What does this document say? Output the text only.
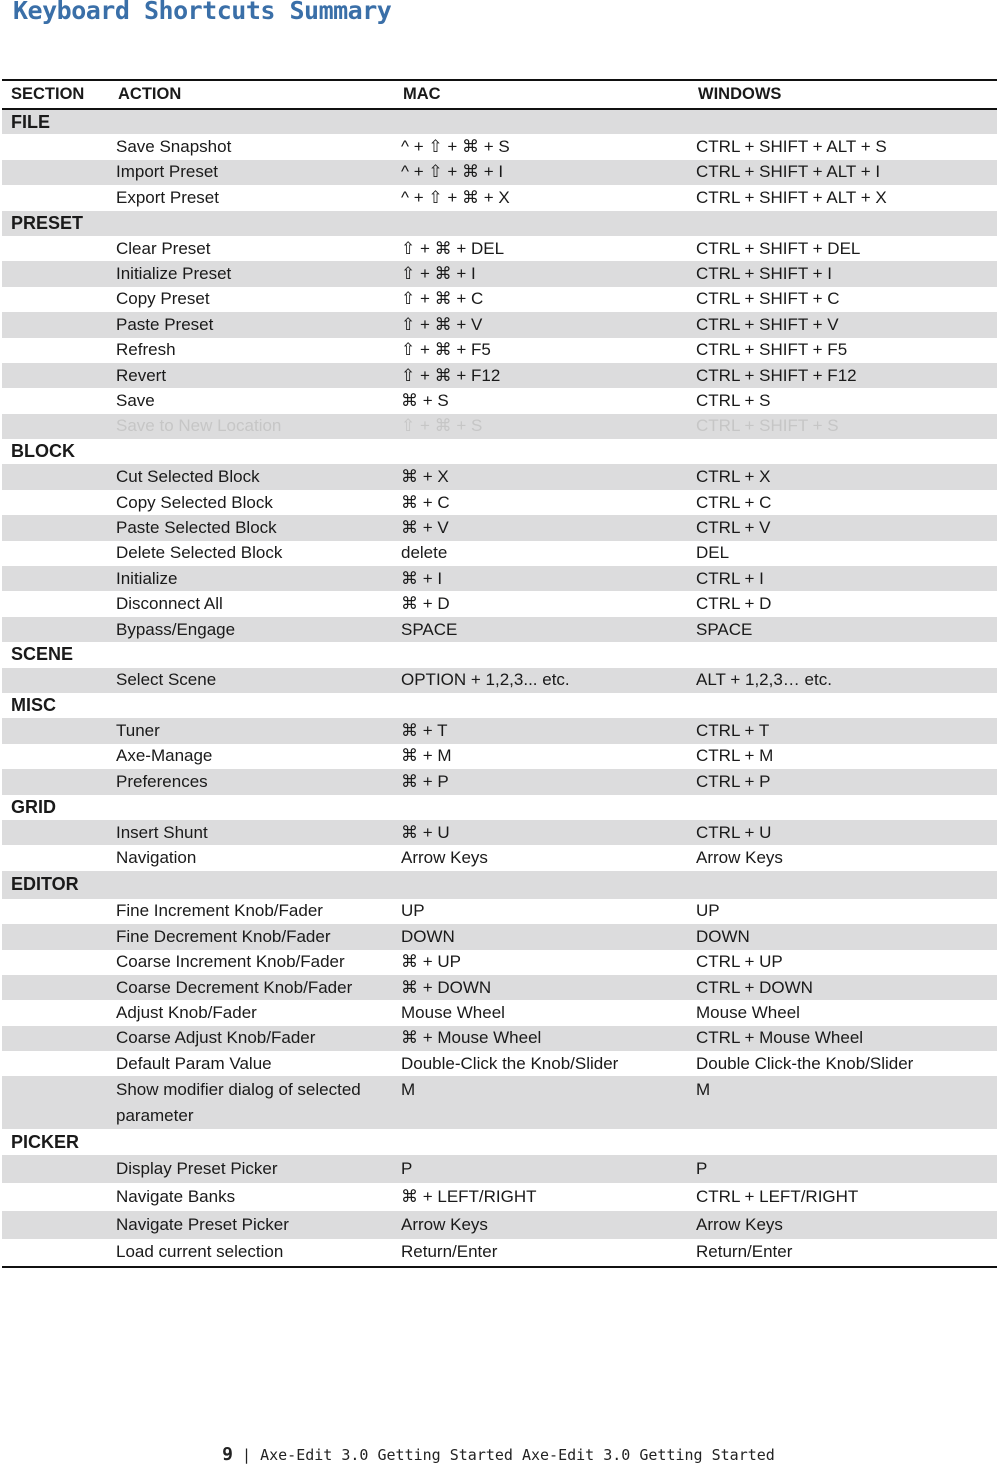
Keyboard Shortcuts Summary
SECTION	ACTION	MAC	WINDOWS
FILE			
	Save Snapshot	^ + ⇧ + ⌘ + S	CTRL + SHIFT + ALT + S
	Import Preset	^ + ⇧ + ⌘ + I	CTRL + SHIFT + ALT + I
	Export Preset	^ + ⇧ + ⌘ + X	CTRL + SHIFT + ALT + X
PRESET			
	Clear Preset	⇧ + ⌘ + DEL	CTRL + SHIFT + DEL
	Initialize Preset	⇧ + ⌘ + I	CTRL + SHIFT + I
	Copy Preset	⇧ + ⌘ + C	CTRL + SHIFT + C
	Paste Preset	⇧ + ⌘ + V	CTRL + SHIFT + V
	Refresh	⇧ + ⌘ + F5	CTRL + SHIFT + F5
	Revert	⇧ + ⌘ + F12	CTRL + SHIFT + F12
	Save	⌘ + S	CTRL + S
	Save to New Location	⇧ + ⌘ + S	CTRL + SHIFT + S
BLOCK			
	Cut Selected Block	⌘ + X	CTRL + X
	Copy Selected Block	⌘ + C	CTRL + C
	Paste Selected Block	⌘ + V	CTRL + V
	Delete Selected Block	delete	DEL
	Initialize	⌘ + I	CTRL + I
	Disconnect All	⌘ + D	CTRL + D
	Bypass/Engage	SPACE	SPACE
SCENE			
	Select Scene	OPTION + 1,2,3... etc.	ALT + 1,2,3… etc.
MISC			
	Tuner	⌘ + T	CTRL + T
	Axe-Manage	⌘ + M	CTRL + M
	Preferences	⌘ + P	CTRL + P
GRID			
	Insert Shunt	⌘ + U	CTRL + U
	Navigation	Arrow Keys	Arrow Keys
EDITOR			
	Fine Increment Knob/Fader	UP	UP
	Fine Decrement Knob/Fader	DOWN	DOWN
	Coarse Increment Knob/Fader	⌘ + UP	CTRL + UP
	Coarse Decrement Knob/Fader	⌘ + DOWN	CTRL + DOWN
	Adjust Knob/Fader	Mouse Wheel	Mouse Wheel
	Coarse Adjust Knob/Fader	⌘ + Mouse Wheel	CTRL + Mouse Wheel
	Default Param Value	Double-Click the Knob/Slider	Double Click-the Knob/Slider
	Show modifier dialog of selected parameter	M	M
PICKER			
	Display Preset Picker	P	P
	Navigate Banks	⌘ + LEFT/RIGHT	CTRL + LEFT/RIGHT
	Navigate Preset Picker	Arrow Keys	Arrow Keys
	Load current selection	Return/Enter	Return/Enter
9 | Axe-Edit 3.0 Getting Started Axe-Edit 3.0 Getting Started
